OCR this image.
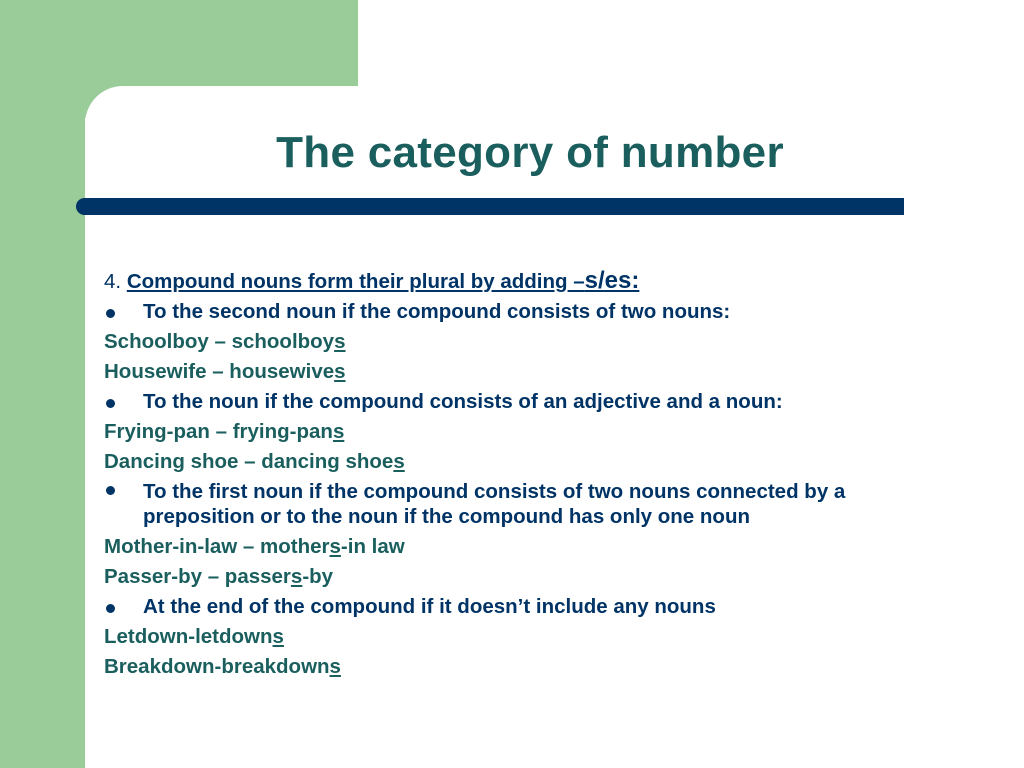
The category of number
4. Compound nouns form their plural by adding –s/es:
To the second noun if the compound consists of two nouns:
Schoolboy – schoolboys
Housewife – housewives
To the noun if the compound consists of an adjective and a noun:
Frying-pan – frying-pans
Dancing shoe – dancing shoes
To the first noun if the compound consists of two nouns connected by a preposition or to the noun if the compound has only one noun
Mother-in-law – mothers-in law
Passer-by – passers-by
At the end of the compound if it doesn’t include any nouns
Letdown-letdowns
Breakdown-breakdowns
